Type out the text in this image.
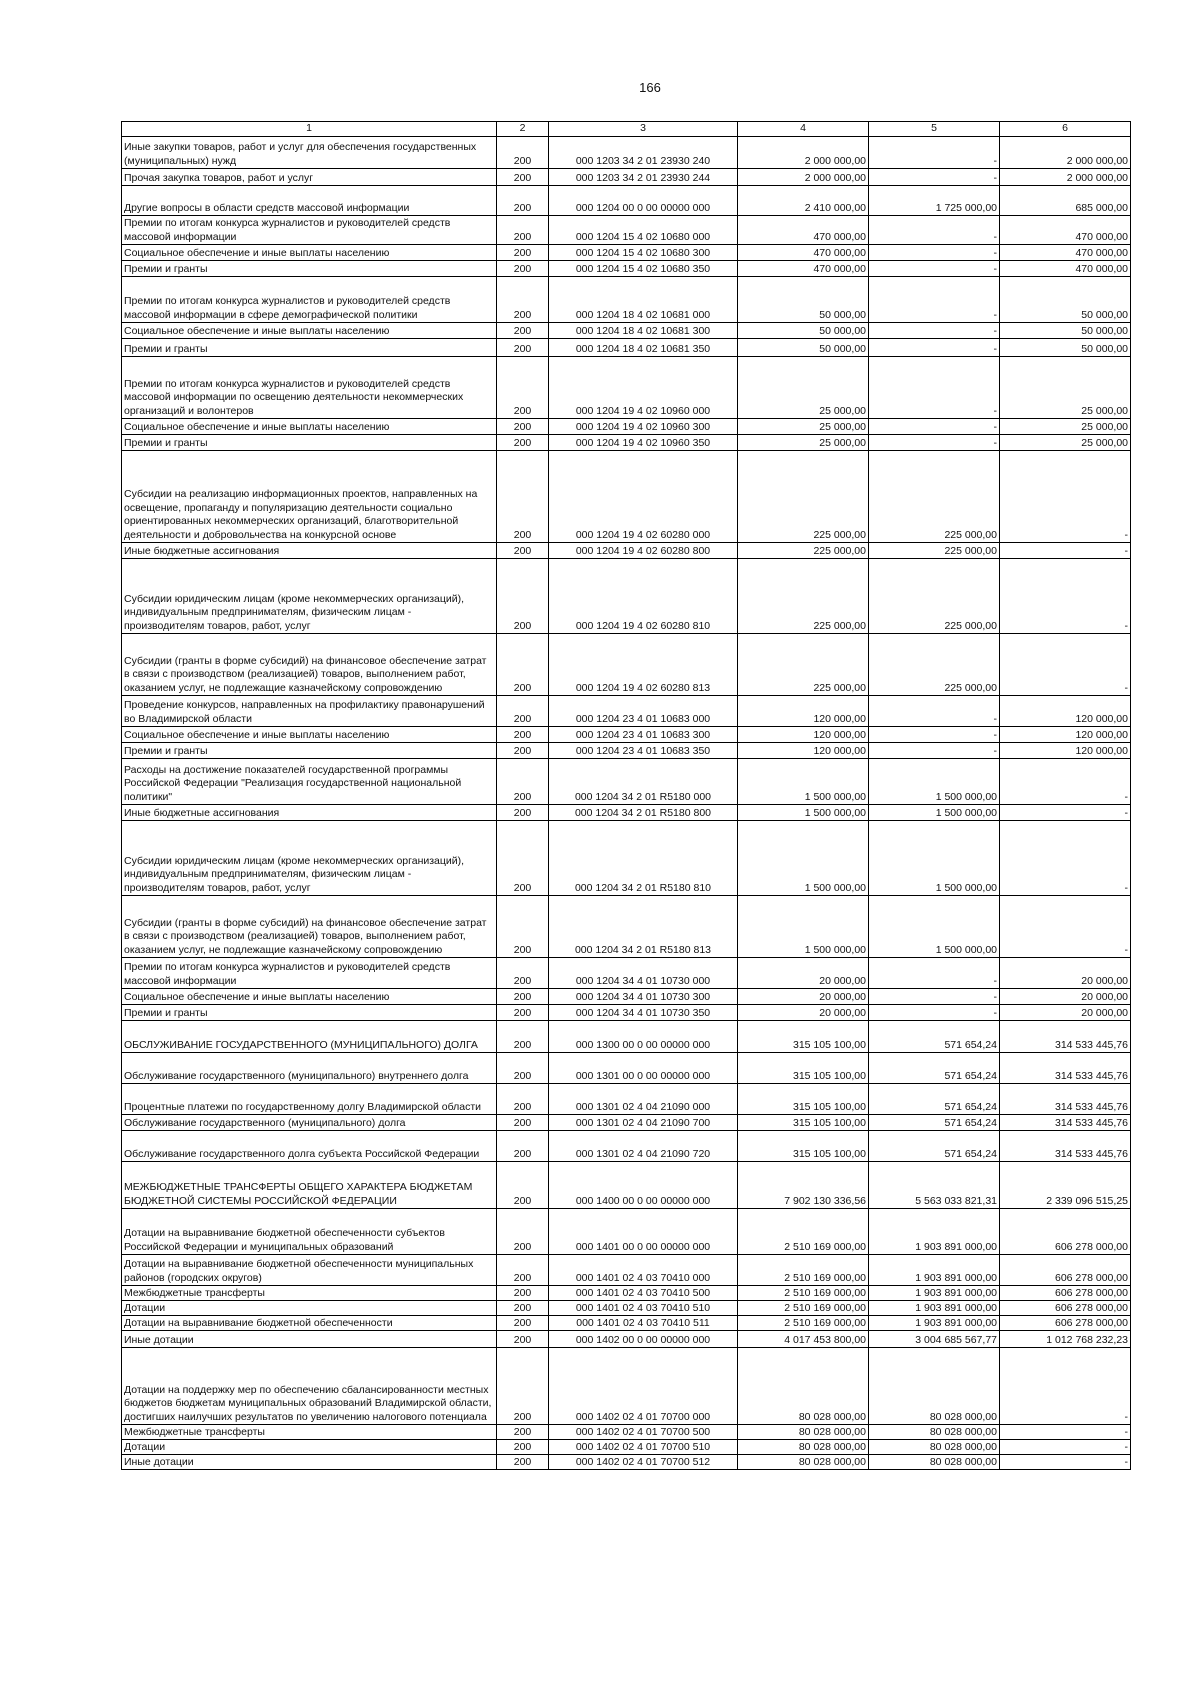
166
1	2	3	4	5	6
Иные закупки товаров, работ и услуг для обеспечения государственных (муниципальных) нужд	200	000 1203 34 2 01 23930 240	2 000 000,00	-	2 000 000,00
Прочая закупка товаров, работ и услуг	200	000 1203 34 2 01 23930 244	2 000 000,00	-	2 000 000,00
Другие вопросы в области средств массовой информации	200	000 1204 00 0 00 00000 000	2 410 000,00	1 725 000,00	685 000,00
Премии по итогам конкурса журналистов и руководителей средств массовой информации	200	000 1204 15 4 02 10680 000	470 000,00	-	470 000,00
Социальное обеспечение и иные выплаты населению	200	000 1204 15 4 02 10680 300	470 000,00	-	470 000,00
Премии и гранты	200	000 1204 15 4 02 10680 350	470 000,00	-	470 000,00
Премии по итогам конкурса журналистов и руководителей средств массовой информации в сфере демографической политики	200	000 1204 18 4 02 10681 000	50 000,00	-	50 000,00
Социальное обеспечение и иные выплаты населению	200	000 1204 18 4 02 10681 300	50 000,00	-	50 000,00
Премии и гранты	200	000 1204 18 4 02 10681 350	50 000,00	-	50 000,00
Премии по итогам конкурса журналистов и руководителей средств массовой информации по освещению деятельности некоммерческих организаций и волонтеров	200	000 1204 19 4 02 10960 000	25 000,00	-	25 000,00
Социальное обеспечение и иные выплаты населению	200	000 1204 19 4 02 10960 300	25 000,00	-	25 000,00
Премии и гранты	200	000 1204 19 4 02 10960 350	25 000,00	-	25 000,00
Субсидии на реализацию информационных проектов, направленных на освещение, пропаганду и популяризацию деятельности социально ориентированных некоммерческих организаций, благотворительной деятельности и добровольчества на конкурсной основе	200	000 1204 19 4 02 60280 000	225 000,00	225 000,00	-
Иные бюджетные ассигнования	200	000 1204 19 4 02 60280 800	225 000,00	225 000,00	-
Субсидии юридическим лицам (кроме некоммерческих организаций), индивидуальным предпринимателям, физическим лицам - производителям товаров, работ, услуг	200	000 1204 19 4 02 60280 810	225 000,00	225 000,00	-
Субсидии (гранты в форме субсидий) на финансовое обеспечение затрат в связи с производством (реализацией) товаров, выполнением работ, оказанием услуг, не подлежащие казначейскому сопровождению	200	000 1204 19 4 02 60280 813	225 000,00	225 000,00	-
Проведение конкурсов, направленных на профилактику правонарушений во Владимирской области	200	000 1204 23 4 01 10683 000	120 000,00	-	120 000,00
Социальное обеспечение и иные выплаты населению	200	000 1204 23 4 01 10683 300	120 000,00	-	120 000,00
Премии и гранты	200	000 1204 23 4 01 10683 350	120 000,00	-	120 000,00
Расходы на достижение показателей государственной программы Российской Федерации "Реализация государственной национальной политики"	200	000 1204 34 2 01 R5180 000	1 500 000,00	1 500 000,00	-
Иные бюджетные ассигнования	200	000 1204 34 2 01 R5180 800	1 500 000,00	1 500 000,00	-
Субсидии юридическим лицам (кроме некоммерческих организаций), индивидуальным предпринимателям, физическим лицам - производителям товаров, работ, услуг	200	000 1204 34 2 01 R5180 810	1 500 000,00	1 500 000,00	-
Субсидии (гранты в форме субсидий) на финансовое обеспечение затрат в связи с производством (реализацией) товаров, выполнением работ, оказанием услуг, не подлежащие казначейскому сопровождению	200	000 1204 34 2 01 R5180 813	1 500 000,00	1 500 000,00	-
Премии по итогам конкурса журналистов и руководителей средств массовой информации	200	000 1204 34 4 01 10730 000	20 000,00	-	20 000,00
Социальное обеспечение и иные выплаты населению	200	000 1204 34 4 01 10730 300	20 000,00	-	20 000,00
Премии и гранты	200	000 1204 34 4 01 10730 350	20 000,00	-	20 000,00
ОБСЛУЖИВАНИЕ ГОСУДАРСТВЕННОГО (МУНИЦИПАЛЬНОГО) ДОЛГА	200	000 1300 00 0 00 00000 000	315 105 100,00	571 654,24	314 533 445,76
Обслуживание государственного (муниципального) внутреннего долга	200	000 1301 00 0 00 00000 000	315 105 100,00	571 654,24	314 533 445,76
Процентные платежи по государственному долгу Владимирской области	200	000 1301 02 4 04 21090 000	315 105 100,00	571 654,24	314 533 445,76
Обслуживание государственного (муниципального) долга	200	000 1301 02 4 04 21090 700	315 105 100,00	571 654,24	314 533 445,76
Обслуживание государственного долга субъекта Российской Федерации	200	000 1301 02 4 04 21090 720	315 105 100,00	571 654,24	314 533 445,76
МЕЖБЮДЖЕТНЫЕ ТРАНСФЕРТЫ ОБЩЕГО ХАРАКТЕРА БЮДЖЕТАМ БЮДЖЕТНОЙ СИСТЕМЫ РОССИЙСКОЙ ФЕДЕРАЦИИ	200	000 1400 00 0 00 00000 000	7 902 130 336,56	5 563 033 821,31	2 339 096 515,25
Дотации на выравнивание бюджетной обеспеченности субъектов Российской Федерации и муниципальных образований	200	000 1401 00 0 00 00000 000	2 510 169 000,00	1 903 891 000,00	606 278 000,00
Дотации на выравнивание бюджетной обеспеченности муниципальных районов (городских округов)	200	000 1401 02 4 03 70410 000	2 510 169 000,00	1 903 891 000,00	606 278 000,00
Межбюджетные трансферты	200	000 1401 02 4 03 70410 500	2 510 169 000,00	1 903 891 000,00	606 278 000,00
Дотации	200	000 1401 02 4 03 70410 510	2 510 169 000,00	1 903 891 000,00	606 278 000,00
Дотации на выравнивание бюджетной обеспеченности	200	000 1401 02 4 03 70410 511	2 510 169 000,00	1 903 891 000,00	606 278 000,00
Иные дотации	200	000 1402 00 0 00 00000 000	4 017 453 800,00	3 004 685 567,77	1 012 768 232,23
Дотации на поддержку мер по обеспечению сбалансированности местных бюджетов бюджетам муниципальных образований Владимирской области, достигших наилучших результатов по увеличению налогового потенциала	200	000 1402 02 4 01 70700 000	80 028 000,00	80 028 000,00	-
Межбюджетные трансферты	200	000 1402 02 4 01 70700 500	80 028 000,00	80 028 000,00	-
Дотации	200	000 1402 02 4 01 70700 510	80 028 000,00	80 028 000,00	-
Иные дотации	200	000 1402 02 4 01 70700 512	80 028 000,00	80 028 000,00	-
